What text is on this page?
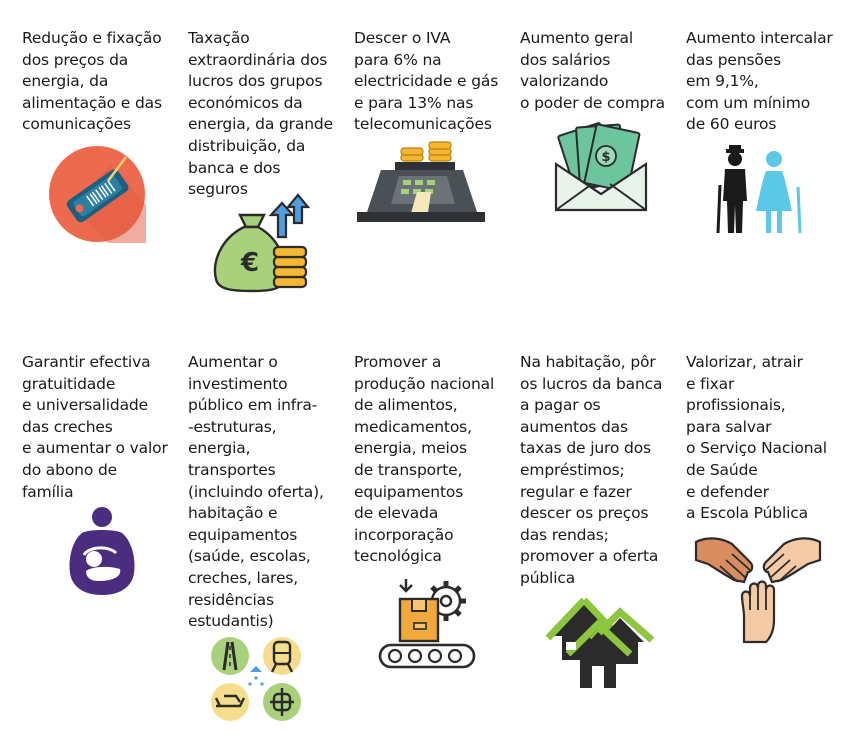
Redução e fixação
dos preços da
energia, da
alimentação e das
comunicações

Taxação
extraordinária dos
lucros dos grupos
económicos da
energia, da grande
distribuição, da
banca e dos
seguros

€

Descer o IVA
para 6% na
electricidade e gás
e para 13% nas
telecomunicações

Aumento geral
dos salários
valorizando
o poder de compra

$

Aumento intercalar
das pensões
em 9,1%,
com um mínimo
de 60 euros

Garantir efectiva
gratuitidade
e universalidade
das creches
e aumentar o valor
do abono de
família

Aumentar o
investimento
público em infra-
-estruturas,
energia,
transportes
(incluindo oferta),
habitação e
equipamentos
(saúde, escolas,
creches, lares,
residências
estudantis)

Promover a
produção nacional
de alimentos,
medicamentos,
energia, meios
de transporte,
equipamentos
de elevada
incorporação
tecnológica

Na habitação, pôr
os lucros da banca
a pagar os
aumentos das
taxas de juro dos
empréstimos;
regular e fazer
descer os preços
das rendas;
promover a oferta
pública

Valorizar, atrair
e fixar
profissionais,
para salvar
o Serviço Nacional
de Saúde
e defender
a Escola Pública
